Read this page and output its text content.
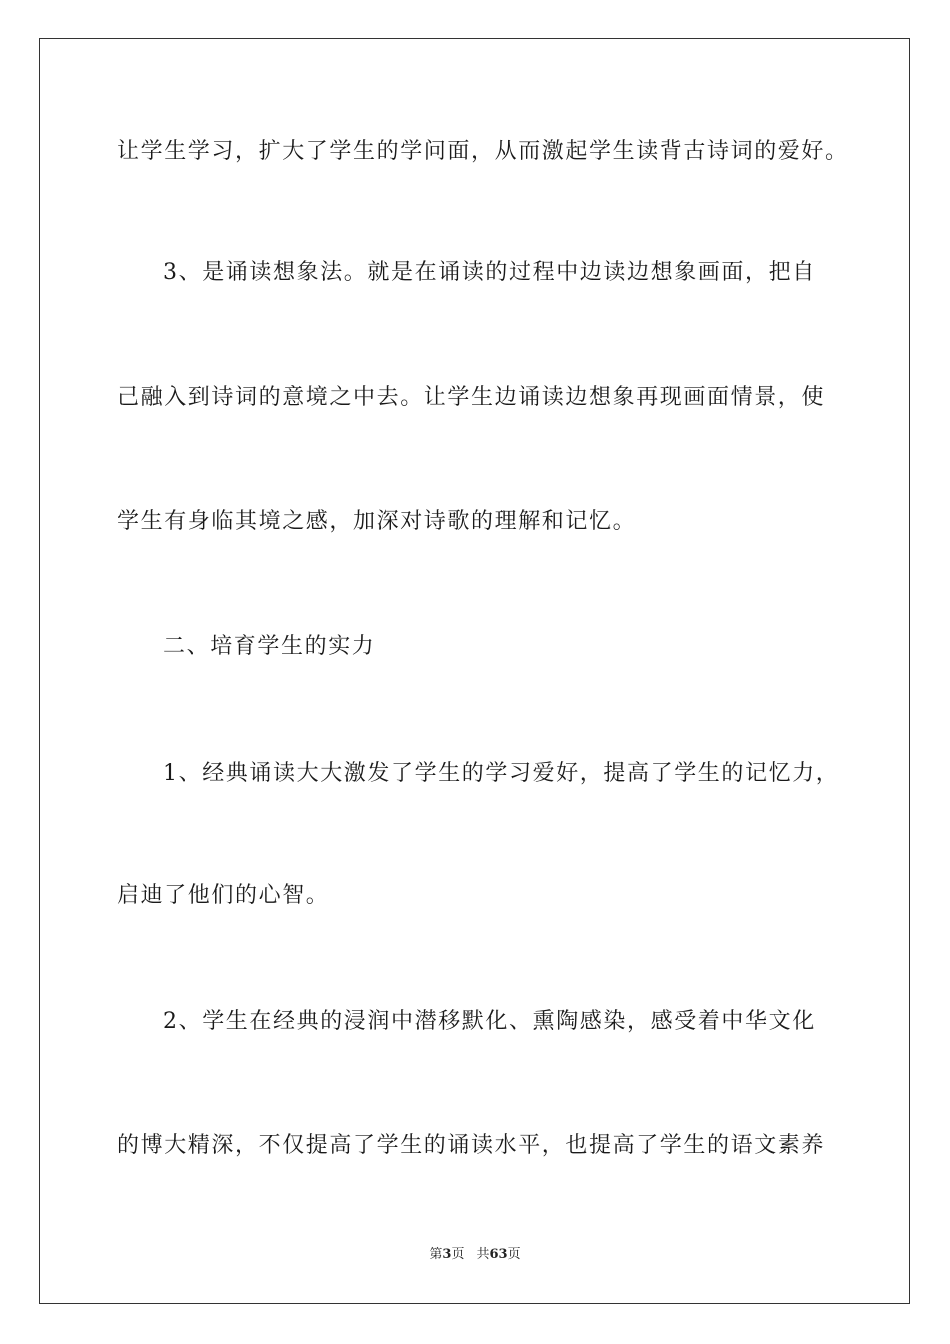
让学生学习，扩大了学生的学问面，从而激起学生读背古诗词的爱好。
3、是诵读想象法。就是在诵读的过程中边读边想象画面，把自
己融入到诗词的意境之中去。让学生边诵读边想象再现画面情景，使
学生有身临其境之感，加深对诗歌的理解和记忆。
二、培育学生的实力
1、经典诵读大大激发了学生的学习爱好，提高了学生的记忆力，
启迪了他们的心智。
2、学生在经典的浸润中潜移默化、熏陶感染，感受着中华文化
的博大精深，不仅提高了学生的诵读水平，也提高了学生的语文素养
第3页 共63页
